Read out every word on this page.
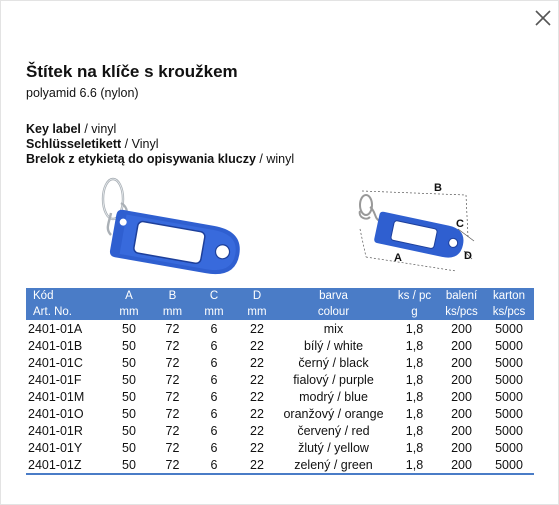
Štítek na klíče s kroužkem
polyamid 6.6 (nylon)
Key label / vinyl
Schlüsseletikett / Vinyl
Brelok z etykietą do opisywania kluczy / winyl
B
C
D
A
Kód	A	B	C	D	barva	ks / pc	balení	karton
Art. No.	mm	mm	mm	mm	colour	g	ks/pcs	ks/pcs
2401-01A	50	72	6	22	mix	1,8	200	5000
2401-01B	50	72	6	22	bílý / white	1,8	200	5000
2401-01C	50	72	6	22	černý / black	1,8	200	5000
2401-01F	50	72	6	22	fialový / purple	1,8	200	5000
2401-01M	50	72	6	22	modrý / blue	1,8	200	5000
2401-01O	50	72	6	22	oranžový / orange	1,8	200	5000
2401-01R	50	72	6	22	červený / red	1,8	200	5000
2401-01Y	50	72	6	22	žlutý / yellow	1,8	200	5000
2401-01Z	50	72	6	22	zelený / green	1,8	200	5000
